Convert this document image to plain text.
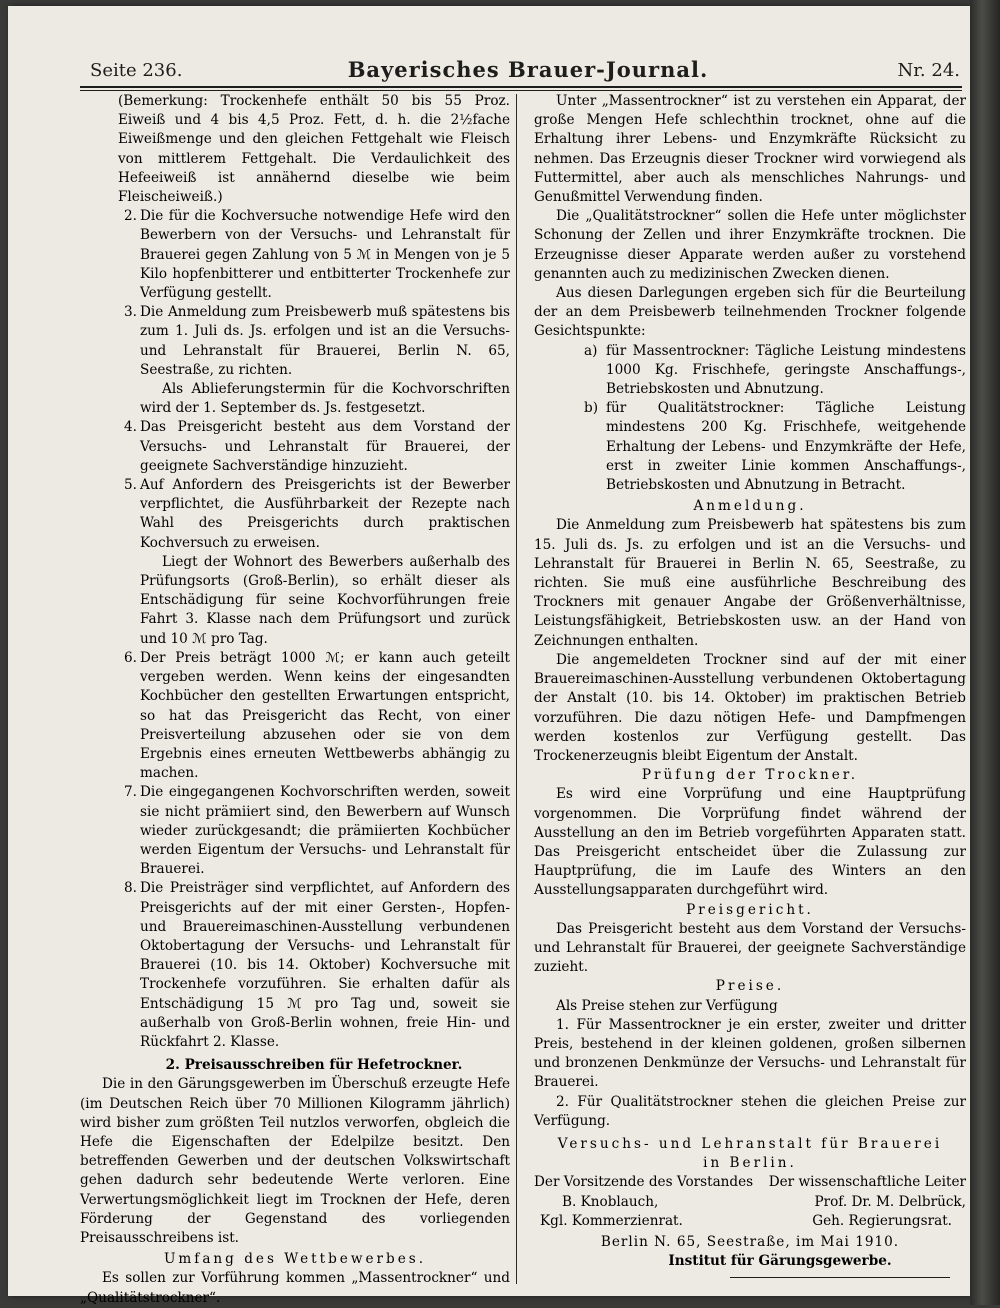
Seite 236.	Bayerisches Brauer-Journal.	Nr. 24.

(Bemerkung: Trockenhefe enthält 50 bis 55 Proz. Eiweiß und 4 bis 4,5 Proz. Fett, d. h. die 2½fache Eiweißmenge und den gleichen Fettgehalt wie Fleisch von mittlerem Fettgehalt. Die Verdaulichkeit des Hefeeiweiß ist annähernd dieselbe wie beim Fleischeiweiß.)

2. Die für die Kochversuche notwendige Hefe wird den Bewerbern von der Versuchs- und Lehranstalt für Brauerei gegen Zahlung von 5 ℳ in Mengen von je 5 Kilo hopfenbitterer und entbitterter Trockenhefe zur Verfügung gestellt.

3. Die Anmeldung zum Preisbewerb muß spätestens bis zum 1. Juli ds. Js. erfolgen und ist an die Versuchs- und Lehranstalt für Brauerei, Berlin N. 65, Seestraße, zu richten.

Als Ablieferungstermin für die Kochvorschriften wird der 1. September ds. Js. festgesetzt.

4. Das Preisgericht besteht aus dem Vorstand der Versuchs- und Lehranstalt für Brauerei, der geeignete Sachverständige hinzuzieht.

5. Auf Anfordern des Preisgerichts ist der Bewerber verpflichtet, die Ausführbarkeit der Rezepte nach Wahl des Preisgerichts durch praktischen Kochversuch zu erweisen.

Liegt der Wohnort des Bewerbers außerhalb des Prüfungsorts (Groß-Berlin), so erhält dieser als Entschädigung für seine Kochvorführungen freie Fahrt 3. Klasse nach dem Prüfungsort und zurück und 10 ℳ pro Tag.

6. Der Preis beträgt 1000 ℳ; er kann auch geteilt vergeben werden. Wenn keins der eingesandten Kochbücher den gestellten Erwartungen entspricht, so hat das Preisgericht das Recht, von einer Preisverteilung abzusehen oder sie von dem Ergebnis eines erneuten Wettbewerbs abhängig zu machen.

7. Die eingegangenen Kochvorschriften werden, soweit sie nicht prämiiert sind, den Bewerbern auf Wunsch wieder zurückgesandt; die prämiierten Kochbücher werden Eigentum der Versuchs- und Lehranstalt für Brauerei.

8. Die Preisträger sind verpflichtet, auf Anfordern des Preisgerichts auf der mit einer Gersten-, Hopfen- und Brauereimaschinen-Ausstellung verbundenen Oktobertagung der Versuchs- und Lehranstalt für Brauerei (10. bis 14. Oktober) Kochversuche mit Trockenhefe vorzuführen. Sie erhalten dafür als Entschädigung 15 ℳ pro Tag und, soweit sie außerhalb von Groß-Berlin wohnen, freie Hin- und Rückfahrt 2. Klasse.

2. Preisausschreiben für Hefetrockner.

Die in den Gärungsgewerben im Überschuß erzeugte Hefe (im Deutschen Reich über 70 Millionen Kilogramm jährlich) wird bisher zum größten Teil nutzlos verworfen, obgleich die Hefe die Eigenschaften der Edelpilze besitzt. Den betreffenden Gewerben und der deutschen Volkswirtschaft gehen dadurch sehr bedeutende Werte verloren. Eine Verwertungsmöglichkeit liegt im Trocknen der Hefe, deren Förderung der Gegenstand des vorliegenden Preisausschreibens ist.

Umfang des Wettbewerbes.

Es sollen zur Vorführung kommen „Massentrockner“ und „Qualitätstrockner“.

Unter „Massentrockner“ ist zu verstehen ein Apparat, der große Mengen Hefe schlechthin trocknet, ohne auf die Erhaltung ihrer Lebens- und Enzymkräfte Rücksicht zu nehmen. Das Erzeugnis dieser Trockner wird vorwiegend als Futtermittel, aber auch als menschliches Nahrungs- und Genußmittel Verwendung finden.

Die „Qualitätstrockner“ sollen die Hefe unter möglichster Schonung der Zellen und ihrer Enzymkräfte trocknen. Die Erzeugnisse dieser Apparate werden außer zu vorstehend genannten auch zu medizinischen Zwecken dienen.

Aus diesen Darlegungen ergeben sich für die Beurteilung der an dem Preisbewerb teilnehmenden Trockner folgende Gesichtspunkte:

a) für Massentrockner: Tägliche Leistung mindestens 1000 Kg. Frischhefe, geringste Anschaffungs-, Betriebskosten und Abnutzung.

b) für Qualitätstrockner: Tägliche Leistung mindestens 200 Kg. Frischhefe, weitgehende Erhaltung der Lebens- und Enzymkräfte der Hefe, erst in zweiter Linie kommen Anschaffungs-, Betriebskosten und Abnutzung in Betracht.

Anmeldung.

Die Anmeldung zum Preisbewerb hat spätestens bis zum 15. Juli ds. Js. zu erfolgen und ist an die Versuchs- und Lehranstalt für Brauerei in Berlin N. 65, Seestraße, zu richten. Sie muß eine ausführliche Beschreibung des Trockners mit genauer Angabe der Größenverhältnisse, Leistungsfähigkeit, Betriebskosten usw. an der Hand von Zeichnungen enthalten.

Die angemeldeten Trockner sind auf der mit einer Brauereimaschinen-Ausstellung verbundenen Oktobertagung der Anstalt (10. bis 14. Oktober) im praktischen Betrieb vorzuführen. Die dazu nötigen Hefe- und Dampfmengen werden kostenlos zur Verfügung gestellt. Das Trockenerzeugnis bleibt Eigentum der Anstalt.

Prüfung der Trockner.

Es wird eine Vorprüfung und eine Hauptprüfung vorgenommen. Die Vorprüfung findet während der Ausstellung an den im Betrieb vorgeführten Apparaten statt. Das Preisgericht entscheidet über die Zulassung zur Hauptprüfung, die im Laufe des Winters an den Ausstellungsapparaten durchgeführt wird.

Preisgericht.

Das Preisgericht besteht aus dem Vorstand der Versuchs- und Lehranstalt für Brauerei, der geeignete Sachverständige zuzieht.

Preise.

Als Preise stehen zur Verfügung

1. Für Massentrockner je ein erster, zweiter und dritter Preis, bestehend in der kleinen goldenen, großen silbernen und bronzenen Denkmünze der Versuchs- und Lehranstalt für Brauerei.

2. Für Qualitätstrockner stehen die gleichen Preise zur Verfügung.

Versuchs- und Lehranstalt für Brauerei

in Berlin.

Der Vorsitzende des Vorstandes Der wissenschaftliche Leiter
B. Knoblauch,	Prof. Dr. M. Delbrück,
Kgl. Kommerzienrat.	Geh. Regierungsrat.

Berlin N. 65, Seestraße, im Mai 1910.

Institut für Gärungsgewerbe.
